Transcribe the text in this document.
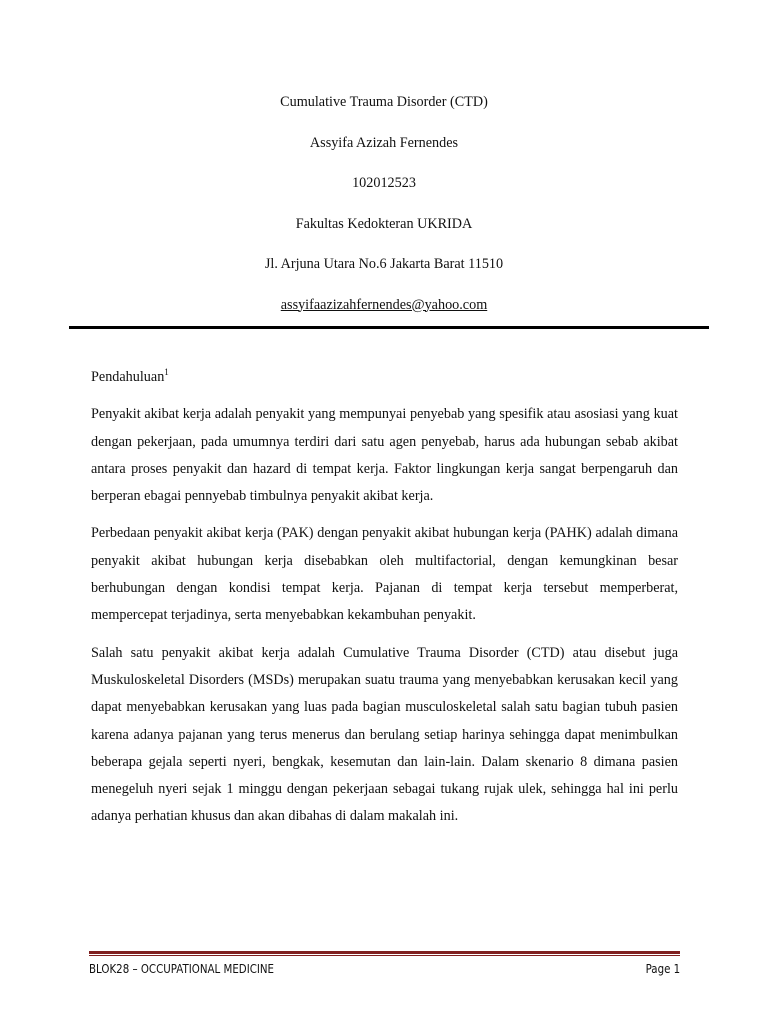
Cumulative Trauma Disorder (CTD)
Assyifa Azizah Fernendes
102012523
Fakultas Kedokteran UKRIDA
Jl. Arjuna Utara No.6 Jakarta Barat 11510
assyifaazizahfernendes@yahoo.com

Pendahuluan$^1$

Penyakit akibat kerja adalah penyakit yang mempunyai penyebab yang spesifik atau asosiasi yang kuat dengan pekerjaan, pada umumnya terdiri dari satu agen penyebab, harus ada hubungan sebab akibat antara proses penyakit dan hazard di tempat kerja. Faktor lingkungan kerja sangat berpengaruh dan berperan ebagai pennyebab timbulnya penyakit akibat kerja.

Perbedaan penyakit akibat kerja (PAK) dengan penyakit akibat hubungan kerja (PAHK) adalah dimana penyakit akibat hubungan kerja disebabkan oleh multifactorial, dengan kemungkinan besar berhubungan dengan kondisi tempat kerja. Pajanan di tempat kerja tersebut memperberat, mempercepat terjadinya, serta menyebabkan kekambuhan penyakit.

Salah satu penyakit akibat kerja adalah Cumulative Trauma Disorder (CTD) atau disebut juga Muskuloskeletal Disorders (MSDs) merupakan suatu trauma yang menyebabkan kerusakan kecil yang dapat menyebabkan kerusakan yang luas pada bagian musculoskeletal salah satu bagian tubuh pasien karena adanya pajanan yang terus menerus dan berulang setiap harinya sehingga dapat menimbulkan beberapa gejala seperti nyeri, bengkak, kesemutan dan lain-lain. Dalam skenario 8 dimana pasien menegeluh nyeri sejak 1 minggu dengan pekerjaan sebagai tukang rujak ulek, sehingga hal ini perlu adanya perhatian khusus dan akan dibahas di dalam makalah ini.

BLOK28 – OCCUPATIONAL MEDICINE	Page 1
